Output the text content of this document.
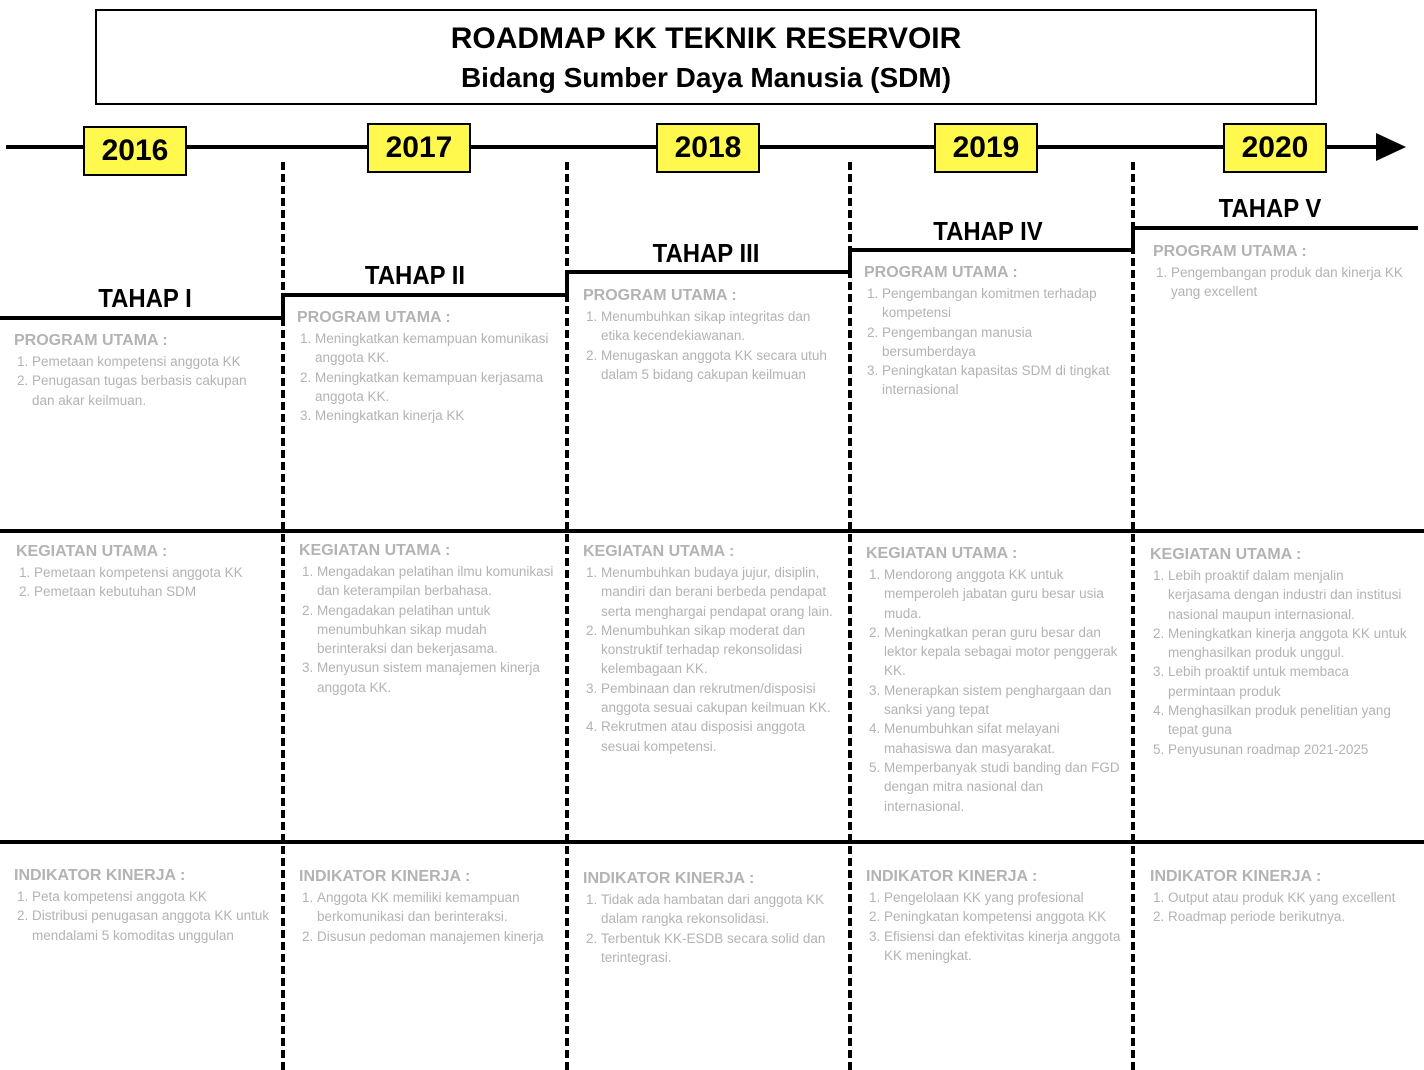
ROADMAP KK TEKNIK RESERVOIR
Bidang Sumber Daya Manusia (SDM)
2016	2017	2018	2019	2020
TAHAP I
TAHAP II
TAHAP III
TAHAP IV
TAHAP V
PROGRAM UTAMA :
1. Pemetaan kompetensi anggota KK
2. Penugasan tugas berbasis cakupan dan akar keilmuan.
KEGIATAN UTAMA :
1. Pemetaan kompetensi anggota KK
2. Pemetaan kebutuhan SDM
INDIKATOR KINERJA :
1. Peta kompetensi anggota KK
2. Distribusi penugasan anggota KK untuk mendalami 5 komoditas unggulan
PROGRAM UTAMA :
1. Meningkatkan kemampuan komunikasi anggota KK.
2. Meningkatkan kemampuan kerjasama anggota KK.
3. Meningkatkan kinerja KK
KEGIATAN UTAMA :
1. Mengadakan pelatihan ilmu komunikasi dan keterampilan berbahasa.
2. Mengadakan pelatihan untuk menumbuhkan sikap mudah berinteraksi dan bekerjasama.
3. Menyusun sistem manajemen kinerja anggota KK.
INDIKATOR KINERJA :
1. Anggota KK memiliki kemampuan berkomunikasi dan berinteraksi.
2. Disusun pedoman manajemen kinerja
PROGRAM UTAMA :
1. Menumbuhkan sikap integritas dan etika kecendekiawanan.
2. Menugaskan anggota KK secara utuh dalam 5 bidang cakupan keilmuan
KEGIATAN UTAMA :
1. Menumbuhkan budaya jujur, disiplin, mandiri dan berani berbeda pendapat serta menghargai pendapat orang lain.
2. Menumbuhkan sikap moderat dan konstruktif terhadap rekonsolidasi kelembagaan KK.
3. Pembinaan dan rekrutmen/disposisi anggota sesuai cakupan keilmuan KK.
4. Rekrutmen atau disposisi anggota sesuai kompetensi.
INDIKATOR KINERJA :
1. Tidak ada hambatan dari anggota KK dalam rangka rekonsolidasi.
2. Terbentuk KK-ESDB secara solid dan terintegrasi.
PROGRAM UTAMA :
1. Pengembangan komitmen terhadap kompetensi
2. Pengembangan manusia bersumberdaya
3. Peningkatan kapasitas SDM di tingkat internasional
KEGIATAN UTAMA :
1. Mendorong anggota KK untuk memperoleh jabatan guru besar usia muda.
2. Meningkatkan peran guru besar dan lektor kepala sebagai motor penggerak KK.
3. Menerapkan sistem penghargaan dan sanksi yang tepat
4. Menumbuhkan sifat melayani mahasiswa dan masyarakat.
5. Memperbanyak studi banding dan FGD dengan mitra nasional dan internasional.
INDIKATOR KINERJA :
1. Pengelolaan KK yang profesional
2. Peningkatan kompetensi anggota KK
3. Efisiensi dan efektivitas kinerja anggota KK meningkat.
PROGRAM UTAMA :
1. Pengembangan produk dan kinerja KK yang excellent
KEGIATAN UTAMA :
1. Lebih proaktif dalam menjalin kerjasama dengan industri dan institusi nasional maupun internasional.
2. Meningkatkan kinerja anggota KK untuk menghasilkan produk unggul.
3. Lebih proaktif untuk membaca permintaan produk
4. Menghasilkan produk penelitian yang tepat guna
5. Penyusunan roadmap 2021-2025
INDIKATOR KINERJA :
1. Output atau produk KK yang excellent
2. Roadmap periode berikutnya.
